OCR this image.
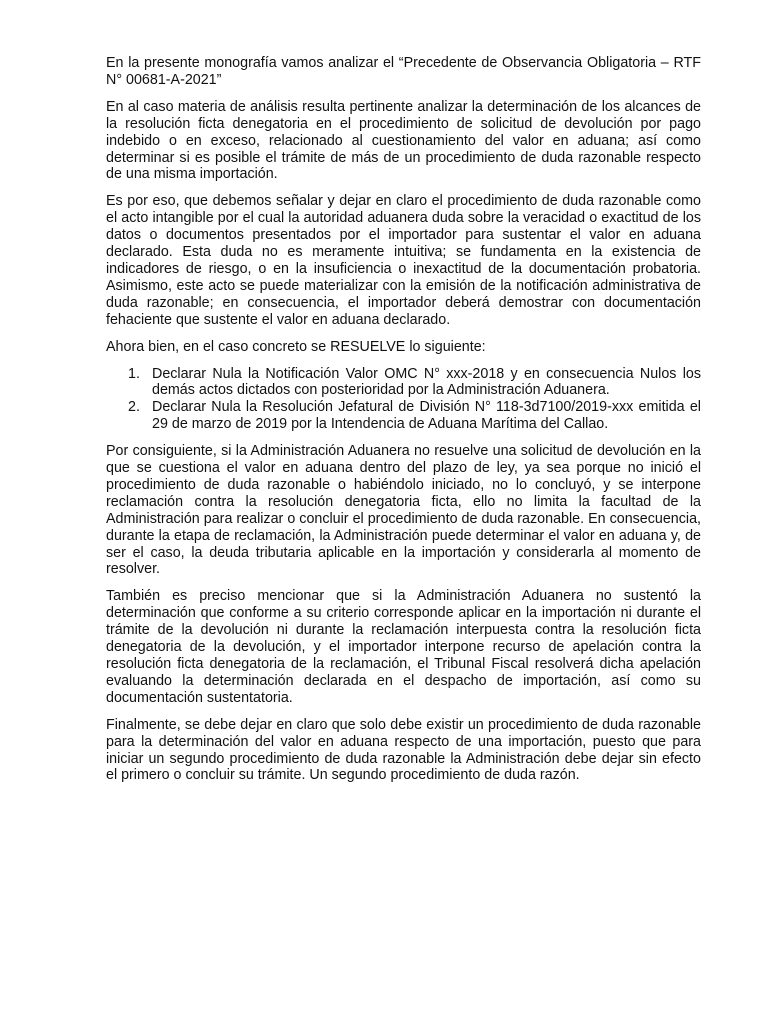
En la presente monografía vamos analizar el “Precedente de Observancia Obligatoria – RTF N° 00681-A-2021”

En al caso materia de análisis resulta pertinente analizar la determinación de los alcances de la resolución ficta denegatoria en el procedimiento de solicitud de devolución por pago indebido o en exceso, relacionado al cuestionamiento del valor en aduana; así como determinar si es posible el trámite de más de un procedimiento de duda razonable respecto de una misma importación.

Es por eso, que debemos señalar y dejar en claro el procedimiento de duda razonable como el acto intangible por el cual la autoridad aduanera duda sobre la veracidad o exactitud de los datos o documentos presentados por el importador para sustentar el valor en aduana declarado. Esta duda no es meramente intuitiva; se fundamenta en la existencia de indicadores de riesgo, o en la insuficiencia o inexactitud de la documentación probatoria. Asimismo, este acto se puede materializar con la emisión de la notificación administrativa de duda razonable; en consecuencia, el importador deberá demostrar con documentación fehaciente que sustente el valor en aduana declarado.

Ahora bien, en el caso concreto se RESUELVE lo siguiente:

1. Declarar Nula la Notificación Valor OMC N° xxx-2018 y en consecuencia Nulos los demás actos dictados con posterioridad por la Administración Aduanera.
2. Declarar Nula la Resolución Jefatural de División N° 118-3d7100/2019-xxx emitida el 29 de marzo de 2019 por la Intendencia de Aduana Marítima del Callao.

Por consiguiente, si la Administración Aduanera no resuelve una solicitud de devolución en la que se cuestiona el valor en aduana dentro del plazo de ley, ya sea porque no inició el procedimiento de duda razonable o habiéndolo iniciado, no lo concluyó, y se interpone reclamación contra la resolución denegatoria ficta, ello no limita la facultad de la Administración para realizar o concluir el procedimiento de duda razonable. En consecuencia, durante la etapa de reclamación, la Administración puede determinar el valor en aduana y, de ser el caso, la deuda tributaria aplicable en la importación y considerarla al momento de resolver.

También es preciso mencionar que si la Administración Aduanera no sustentó la determinación que conforme a su criterio corresponde aplicar en la importación ni durante el trámite de la devolución ni durante la reclamación interpuesta contra la resolución ficta denegatoria de la devolución, y el importador interpone recurso de apelación contra la resolución ficta denegatoria de la reclamación, el Tribunal Fiscal resolverá dicha apelación evaluando la determinación declarada en el despacho de importación, así como su documentación sustentatoria.

Finalmente, se debe dejar en claro que solo debe existir un procedimiento de duda razonable para la determinación del valor en aduana respecto de una importación, puesto que para iniciar un segundo procedimiento de duda razonable la Administración debe dejar sin efecto el primero o concluir su trámite. Un segundo procedimiento de duda razón.
